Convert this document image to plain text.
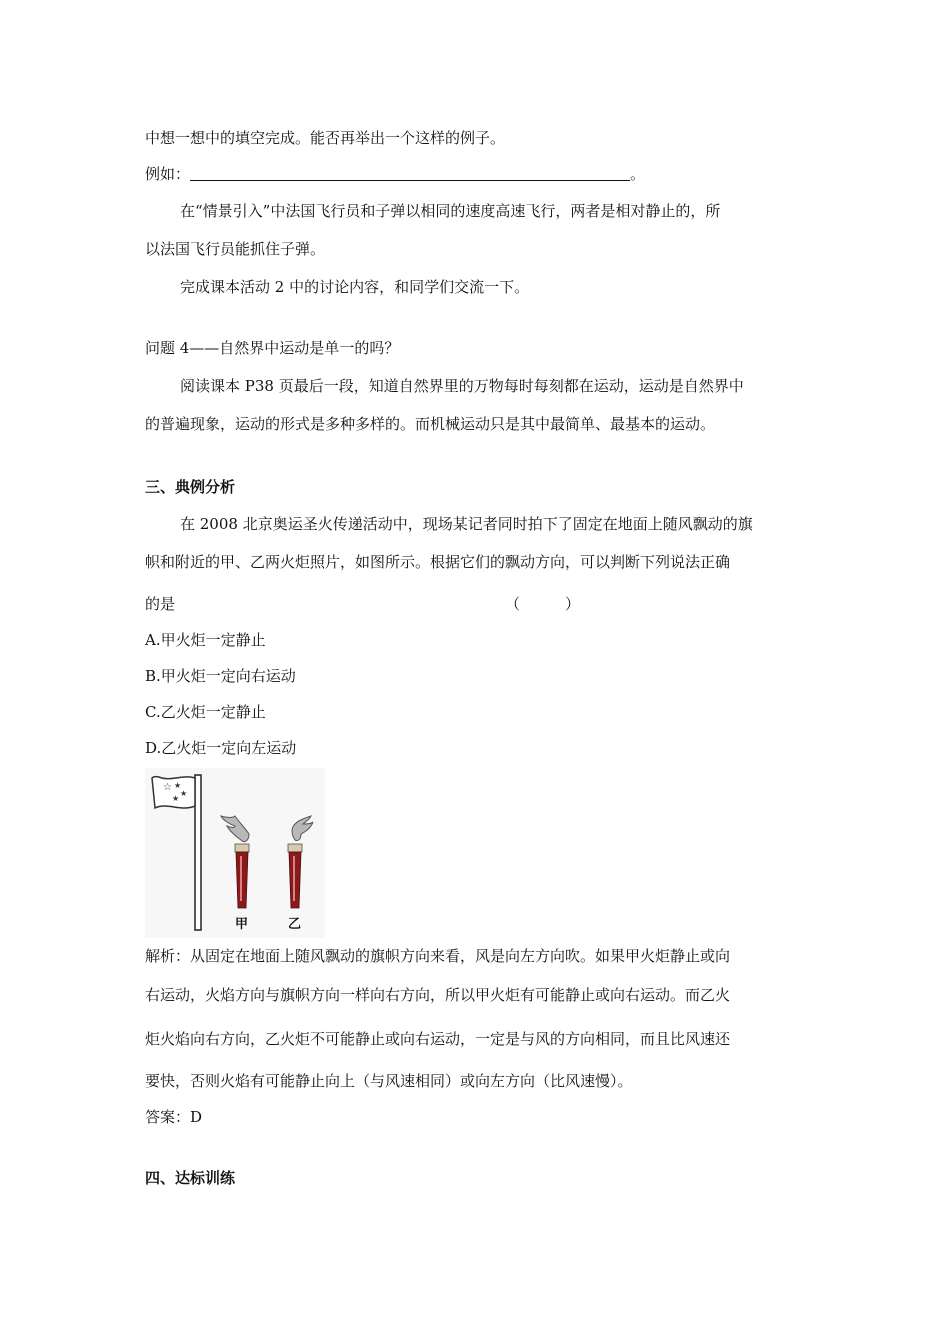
中想一想中的填空完成。能否再举出一个这样的例子。
例如：	。
在“情景引入”中法国飞行员和子弹以相同的速度高速飞行，两者是相对静止的，所
以法国飞行员能抓住子弹。
完成课本活动 2 中的讨论内容，和同学们交流一下。
问题 4——自然界中运动是单一的吗？
阅读课本 P38 页最后一段，知道自然界里的万物每时每刻都在运动，运动是自然界中
的普遍现象，运动的形式是多种多样的。而机械运动只是其中最简单、最基本的运动。
三、典例分析
在 2008 北京奥运圣火传递活动中，现场某记者同时拍下了固定在地面上随风飘动的旗
帜和附近的甲、乙两火炬照片，如图所示。根据它们的飘动方向，可以判断下列说法正确
的是	（　　　）
A.甲火炬一定静止
B.甲火炬一定向右运动
C.乙火炬一定静止
D.乙火炬一定向左运动
☆ ★
★
★
甲	乙
解析：从固定在地面上随风飘动的旗帜方向来看，风是向左方向吹。如果甲火炬静止或向
右运动，火焰方向与旗帜方向一样向右方向，所以甲火炬有可能静止或向右运动。而乙火
炬火焰向右方向，乙火炬不可能静止或向右运动，一定是与风的方向相同，而且比风速还
要快，否则火焰有可能静止向上（与风速相同）或向左方向（比风速慢）。
答案：D
四、达标训练
